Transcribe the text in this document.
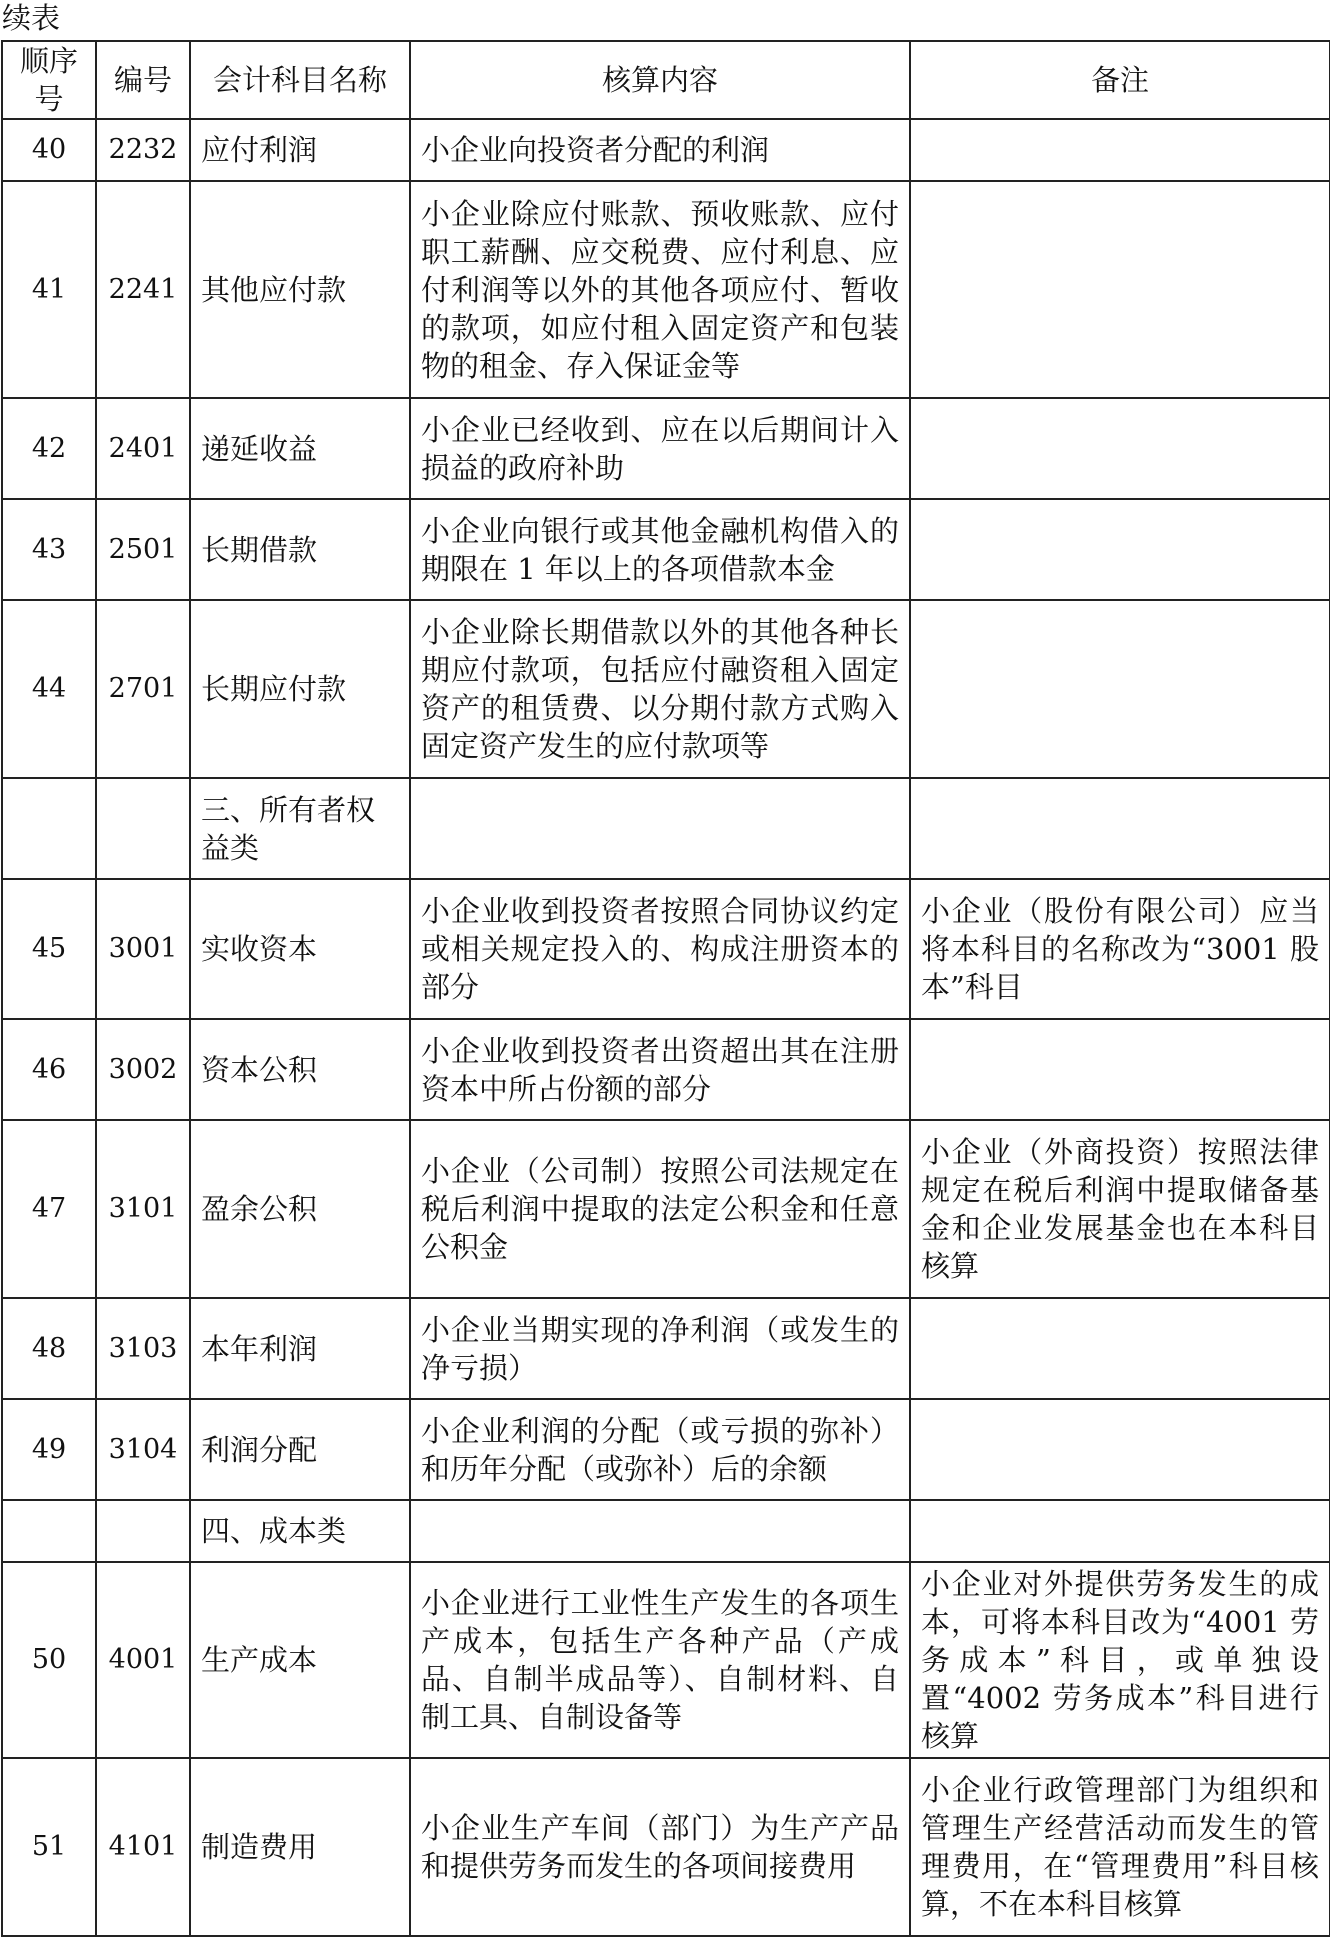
续表
顺序号	编号	会计科目名称	核算内容	备注
40	2232	应付利润	小企业向投资者分配的利润	
41	2241	其他应付款	小企业除应付账款、预收账款、应付职工薪酬、应交税费、应付利息、应付利润等以外的其他各项应付、暂收的款项，如应付租入固定资产和包装物的租金、存入保证金等	
42	2401	递延收益	小企业已经收到、应在以后期间计入损益的政府补助	
43	2501	长期借款	小企业向银行或其他金融机构借入的期限在 1 年以上的各项借款本金	
44	2701	长期应付款	小企业除长期借款以外的其他各种长期应付款项，包括应付融资租入固定资产的租赁费、以分期付款方式购入固定资产发生的应付款项等	
		三、所有者权益类		
45	3001	实收资本	小企业收到投资者按照合同协议约定或相关规定投入的、构成注册资本的部分	小企业（股份有限公司）应当将本科目的名称改为“3001 股本”科目
46	3002	资本公积	小企业收到投资者出资超出其在注册资本中所占份额的部分	
47	3101	盈余公积	小企业（公司制）按照公司法规定在税后利润中提取的法定公积金和任意公积金	小企业（外商投资）按照法律规定在税后利润中提取储备基金和企业发展基金也在本科目核算
48	3103	本年利润	小企业当期实现的净利润（或发生的净亏损）	
49	3104	利润分配	小企业利润的分配（或亏损的弥补）和历年分配（或弥补）后的余额	
		四、成本类		
50	4001	生产成本	小企业进行工业性生产发生的各项生产成本，包括生产各种产品（产成品、自制半成品等）、自制材料、自制工具、自制设备等	小企业对外提供劳务发生的成本，可将本科目改为“4001 劳务成本”科目，或单独设置“4002 劳务成本”科目进行核算
51	4101	制造费用	小企业生产车间（部门）为生产产品和提供劳务而发生的各项间接费用	小企业行政管理部门为组织和管理生产经营活动而发生的管理费用，在“管理费用”科目核算，不在本科目核算
